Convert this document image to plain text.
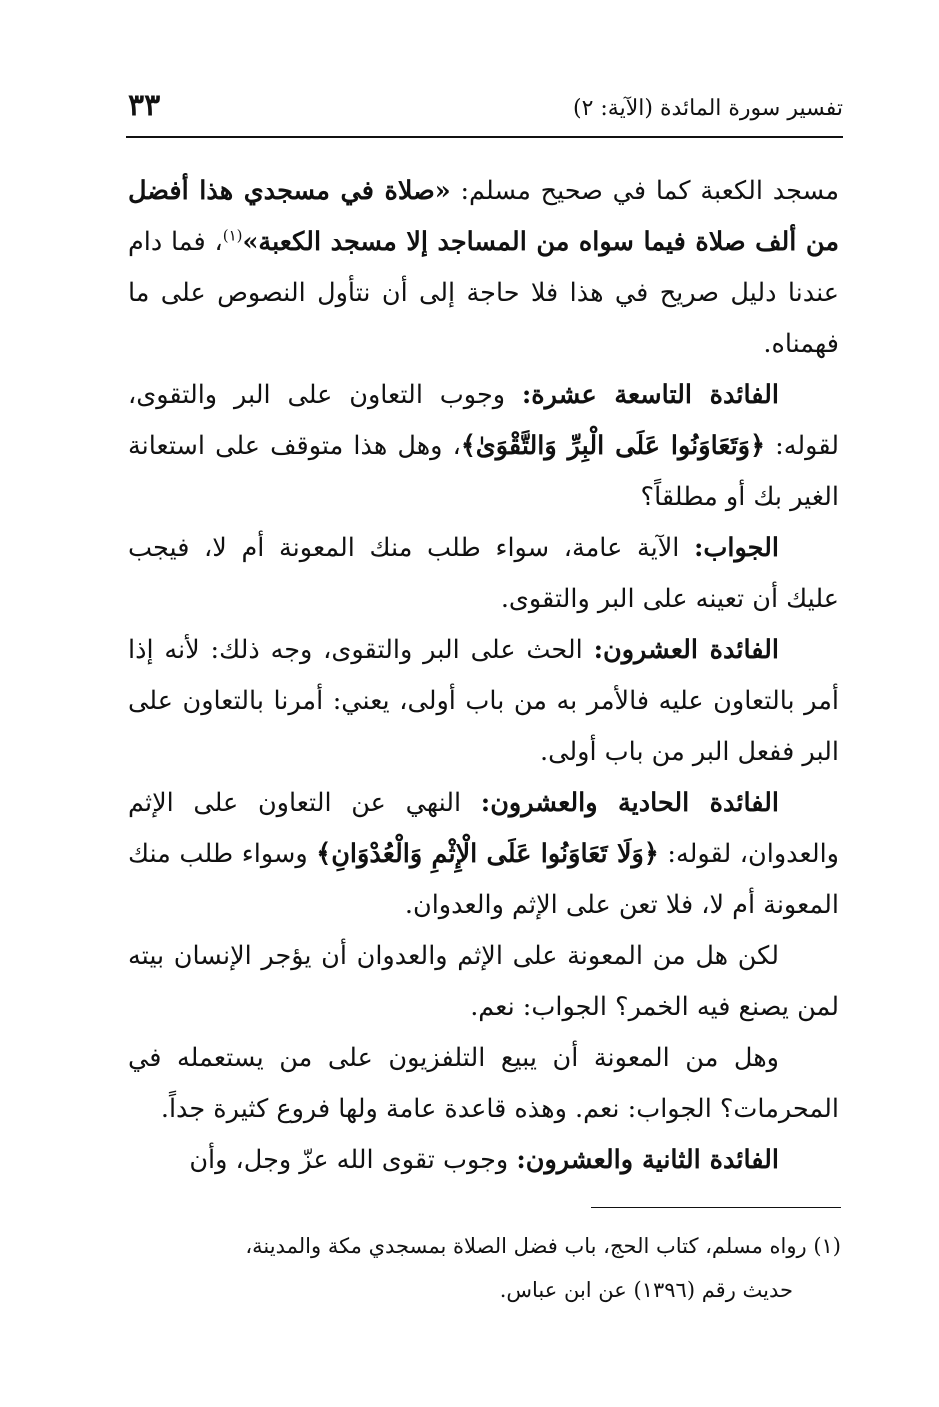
تفسير سورة المائدة (الآية: ٢)
٣٣

مسجد الكعبة كما في صحيح مسلم: «صلاة في مسجدي هذا أفضل من ألف صلاة فيما سواه من المساجد إلا مسجد الكعبة»$^{(١)}$، فما دام عندنا دليل صريح في هذا فلا حاجة إلى أن نتأول النصوص على ما فهمناه.

الفائدة التاسعة عشرة: وجوب التعاون على البر والتقوى، لقوله: ﴿وَتَعَاوَنُوا عَلَى الْبِرِّ وَالتَّقْوَىٰ﴾، وهل هذا متوقف على استعانة الغير بك أو مطلقاً؟

الجواب: الآية عامة، سواء طلب منك المعونة أم لا، فيجب عليك أن تعينه على البر والتقوى.

الفائدة العشرون: الحث على البر والتقوى، وجه ذلك: لأنه إذا أمر بالتعاون عليه فالأمر به من باب أولى، يعني: أمرنا بالتعاون على البر ففعل البر من باب أولى.

الفائدة الحادية والعشرون: النهي عن التعاون على الإثم والعدوان، لقوله: ﴿وَلَا تَعَاوَنُوا عَلَى الْإِثْمِ وَالْعُدْوَانِ﴾ وسواء طلب منك المعونة أم لا، فلا تعن على الإثم والعدوان.

لكن هل من المعونة على الإثم والعدوان أن يؤجر الإنسان بيته لمن يصنع فيه الخمر؟ الجواب: نعم.

وهل من المعونة أن يبيع التلفزيون على من يستعمله في المحرمات؟ الجواب: نعم. وهذه قاعدة عامة ولها فروع كثيرة جداً.

الفائدة الثانية والعشرون: وجوب تقوى الله عزّ وجل، وأن

(١) رواه مسلم، كتاب الحج، باب فضل الصلاة بمسجدي مكة والمدينة،

حديث رقم (١٣٩٦) عن ابن عباس.
